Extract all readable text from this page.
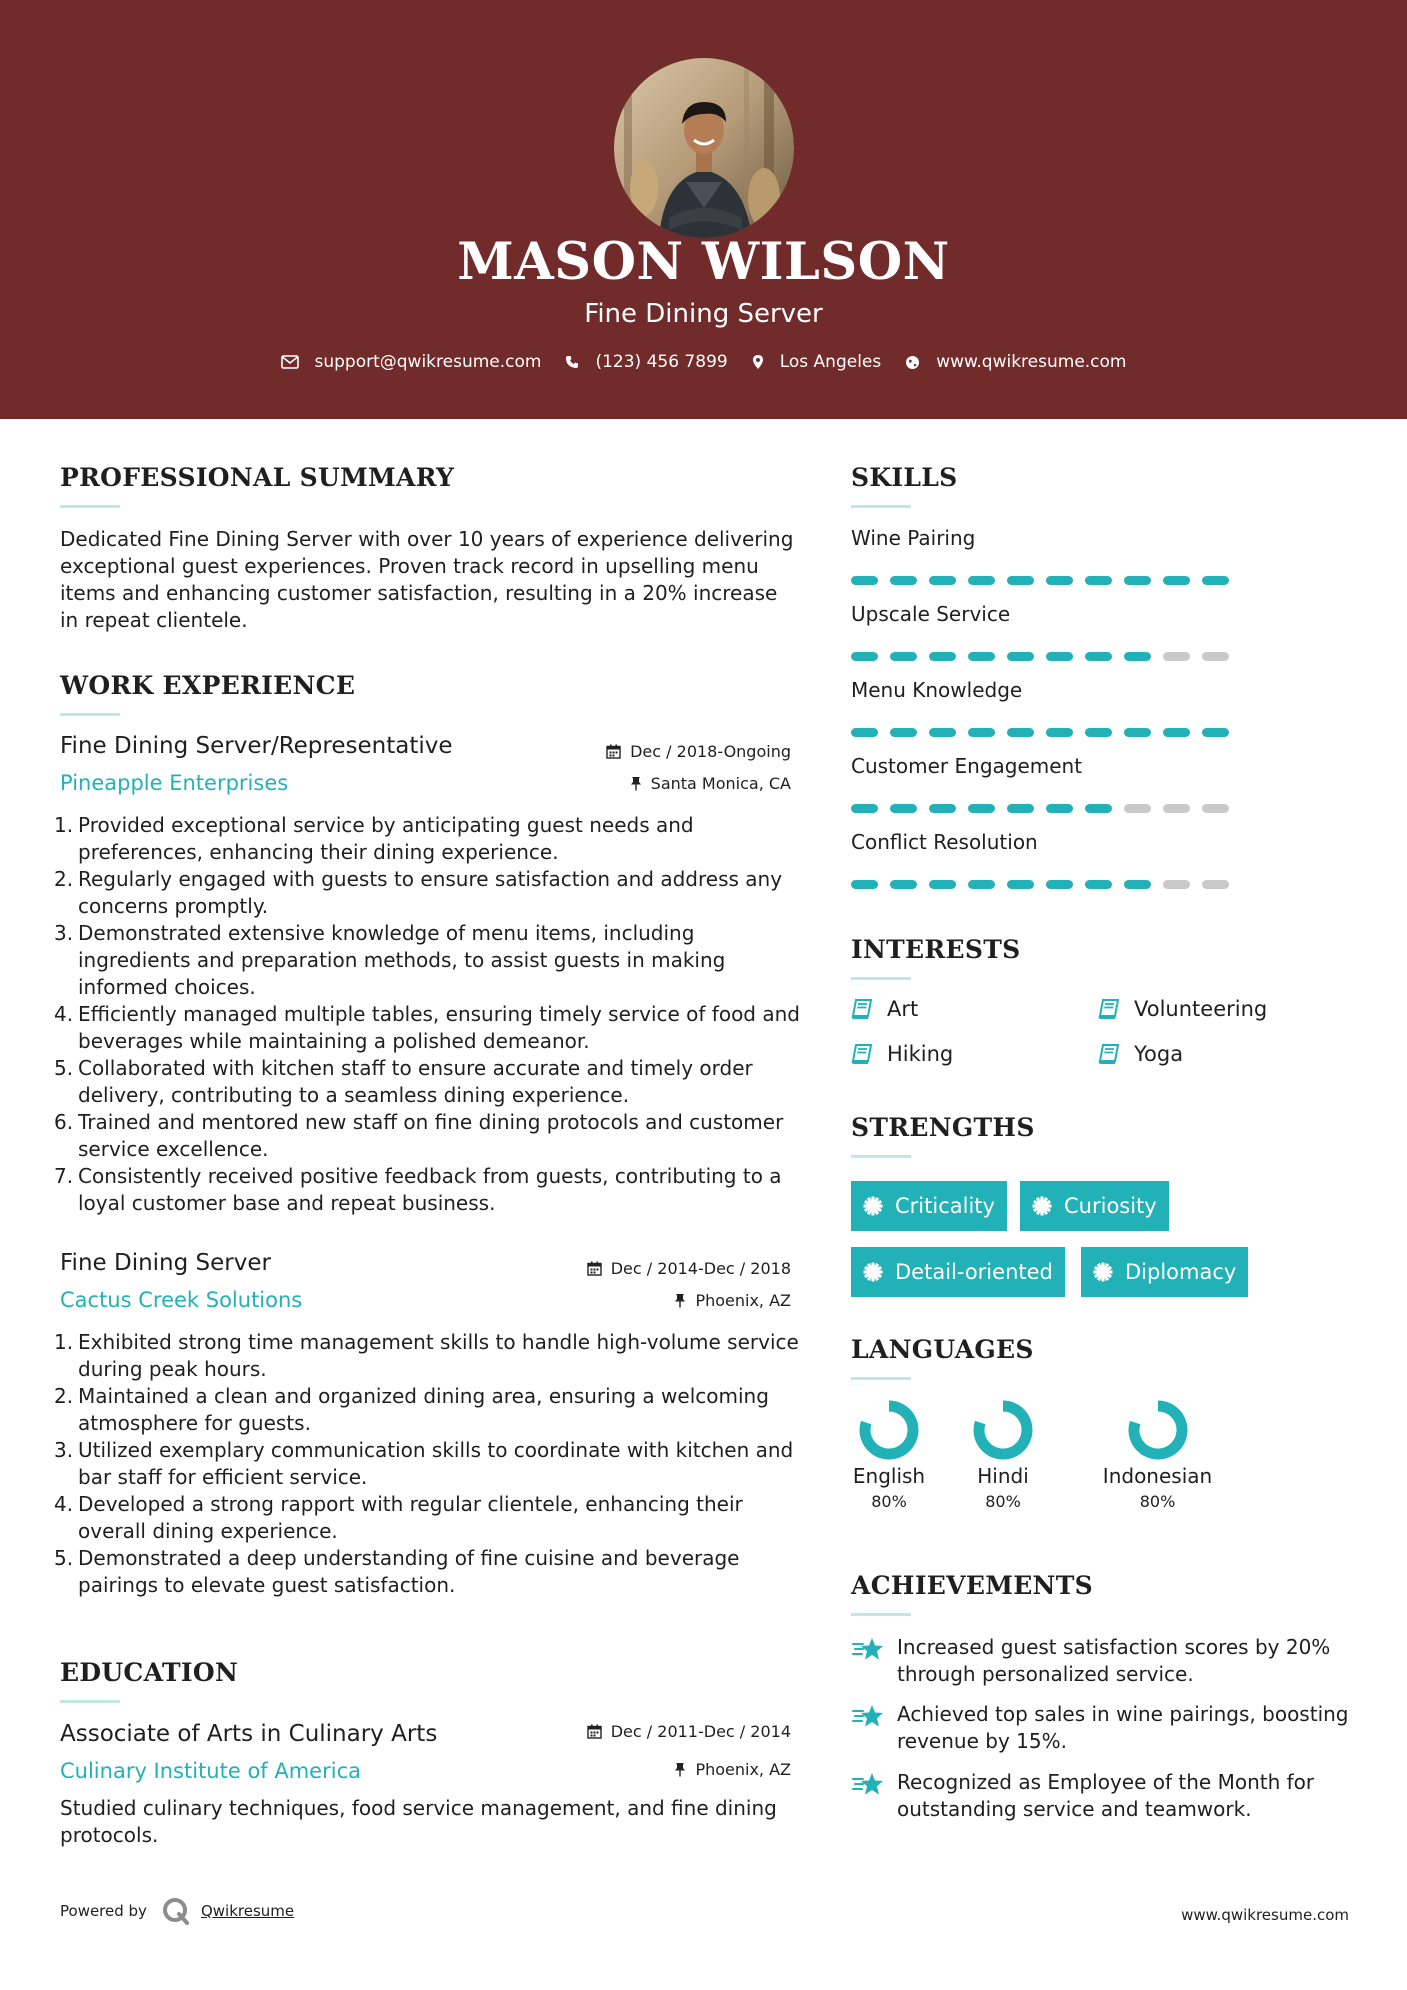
MASON WILSON
Fine Dining Server
support@qwikresume.com	(123) 456 7899	Los Angeles	www.qwikresume.com
PROFESSIONAL SUMMARY
Dedicated Fine Dining Server with over 10 years of experience delivering exceptional guest experiences. Proven track record in upselling menu items and enhancing customer satisfaction, resulting in a 20% increase in repeat clientele.
WORK EXPERIENCE
Fine Dining Server/Representative	Dec / 2018-Ongoing
Pineapple Enterprises	Santa Monica, CA
1. Provided exceptional service by anticipating guest needs and preferences, enhancing their dining experience.
2. Regularly engaged with guests to ensure satisfaction and address any concerns promptly.
3. Demonstrated extensive knowledge of menu items, including ingredients and preparation methods, to assist guests in making informed choices.
4. Efficiently managed multiple tables, ensuring timely service of food and beverages while maintaining a polished demeanor.
5. Collaborated with kitchen staff to ensure accurate and timely order delivery, contributing to a seamless dining experience.
6. Trained and mentored new staff on fine dining protocols and customer service excellence.
7. Consistently received positive feedback from guests, contributing to a loyal customer base and repeat business.
Fine Dining Server	Dec / 2014-Dec / 2018
Cactus Creek Solutions	Phoenix, AZ
1. Exhibited strong time management skills to handle high-volume service during peak hours.
2. Maintained a clean and organized dining area, ensuring a welcoming atmosphere for guests.
3. Utilized exemplary communication skills to coordinate with kitchen and bar staff for efficient service.
4. Developed a strong rapport with regular clientele, enhancing their overall dining experience.
5. Demonstrated a deep understanding of fine cuisine and beverage pairings to elevate guest satisfaction.
EDUCATION
Associate of Arts in Culinary Arts	Dec / 2011-Dec / 2014
Culinary Institute of America	Phoenix, AZ
Studied culinary techniques, food service management, and fine dining protocols.
SKILLS
Wine Pairing
Upscale Service
Menu Knowledge
Customer Engagement
Conflict Resolution
INTERESTS
Art	Volunteering
Hiking	Yoga
STRENGTHS
Criticality	Curiosity
Detail-oriented	Diplomacy
LANGUAGES
English
80%
Hindi
80%
Indonesian
80%
ACHIEVEMENTS
Increased guest satisfaction scores by 20% through personalized service.
Achieved top sales in wine pairings, boosting revenue by 15%.
Recognized as Employee of the Month for outstanding service and teamwork.
Powered by	Qwikresume	www.qwikresume.com
